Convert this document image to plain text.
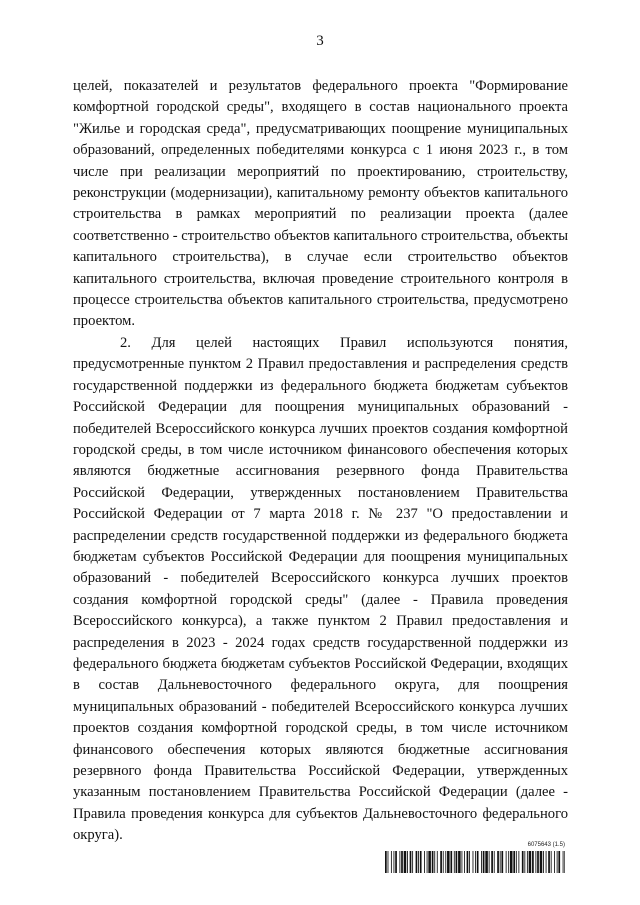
3

целей, показателей и результатов федерального проекта "Формирование комфортной городской среды", входящего в состав национального проекта "Жилье и городская среда", предусматривающих поощрение муниципальных образований, определенных победителями конкурса с 1 июня 2023 г., в том числе при реализации мероприятий по проектированию, строительству, реконструкции (модернизации), капитальному ремонту объектов капитального строительства в рамках мероприятий по реализации проекта (далее соответственно - строительство объектов капитального строительства, объекты капитального строительства), в случае если строительство объектов капитального строительства, включая проведение строительного контроля в процессе строительства объектов капитального строительства, предусмотрено проектом.

2. Для целей настоящих Правил используются понятия, предусмотренные пунктом 2 Правил предоставления и распределения средств государственной поддержки из федерального бюджета бюджетам субъектов Российской Федерации для поощрения муниципальных образований - победителей Всероссийского конкурса лучших проектов создания комфортной городской среды, в том числе источником финансового обеспечения которых являются бюджетные ассигнования резервного фонда Правительства Российской Федерации, утвержденных постановлением Правительства Российской Федерации от 7 марта 2018 г. № 237 "О предоставлении и распределении средств государственной поддержки из федерального бюджета бюджетам субъектов Российской Федерации для поощрения муниципальных образований - победителей Всероссийского конкурса лучших проектов создания комфортной городской среды" (далее - Правила проведения Всероссийского конкурса), а также пунктом 2 Правил предоставления и распределения в 2023 - 2024 годах средств государственной поддержки из федерального бюджета бюджетам субъектов Российской Федерации, входящих в состав Дальневосточного федерального округа, для поощрения муниципальных образований - победителей Всероссийского конкурса лучших проектов создания комфортной городской среды, в том числе источником финансового обеспечения которых являются бюджетные ассигнования резервного фонда Правительства Российской Федерации, утвержденных указанным постановлением Правительства Российской Федерации (далее - Правила проведения конкурса для субъектов Дальневосточного федерального округа).

6075643 (1.5)
